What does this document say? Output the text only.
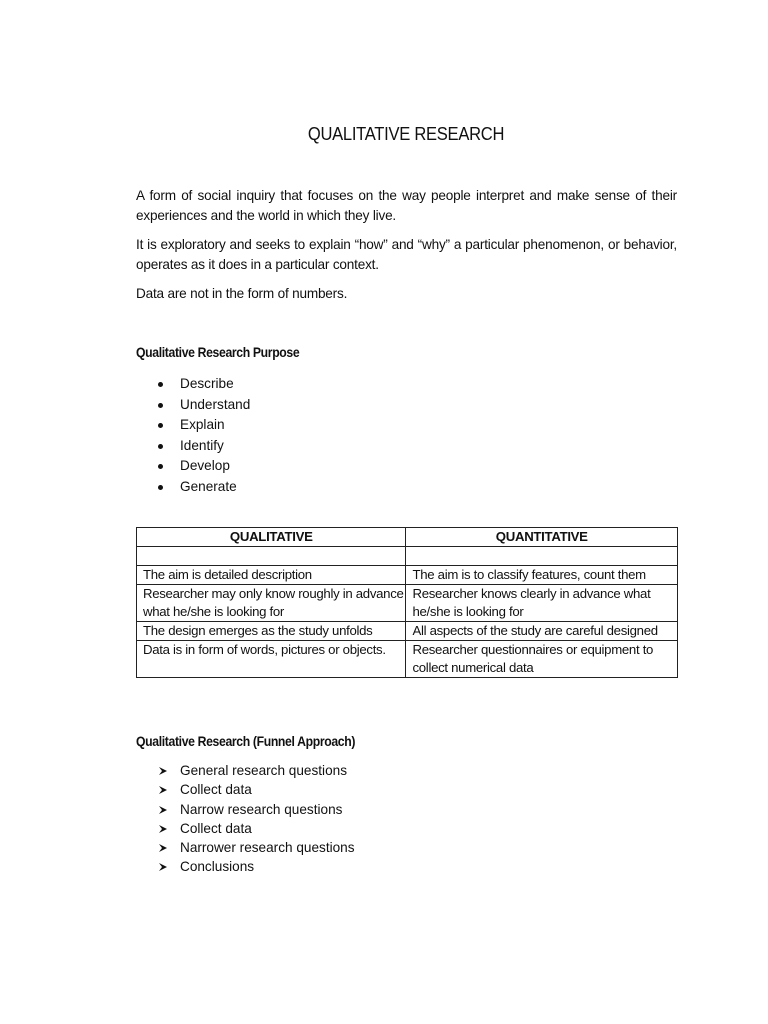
QUALITATIVE RESEARCH

A form of social inquiry that focuses on the way people interpret and make sense of their experiences and the world in which they live.

It is exploratory and seeks to explain “how” and “why” a particular phenomenon, or behavior, operates as it does in a particular context.

Data are not in the form of numbers.

Qualitative Research Purpose
Describe
Understand
Explain
Identify
Develop
Generate
QUALITATIVE	QUANTITATIVE

The aim is detailed description	The aim is to classify features, count them
Researcher may only know roughly in advance what he/she is looking for	Researcher knows clearly in advance what he/she is looking for
The design emerges as the study unfolds	All aspects of the study are careful designed
Data is in form of words, pictures or objects.	Researcher questionnaires or equipment to collect numerical data
Qualitative Research (Funnel Approach)
General research questions
Collect data
Narrow research questions
Collect data
Narrower research questions
Conclusions
